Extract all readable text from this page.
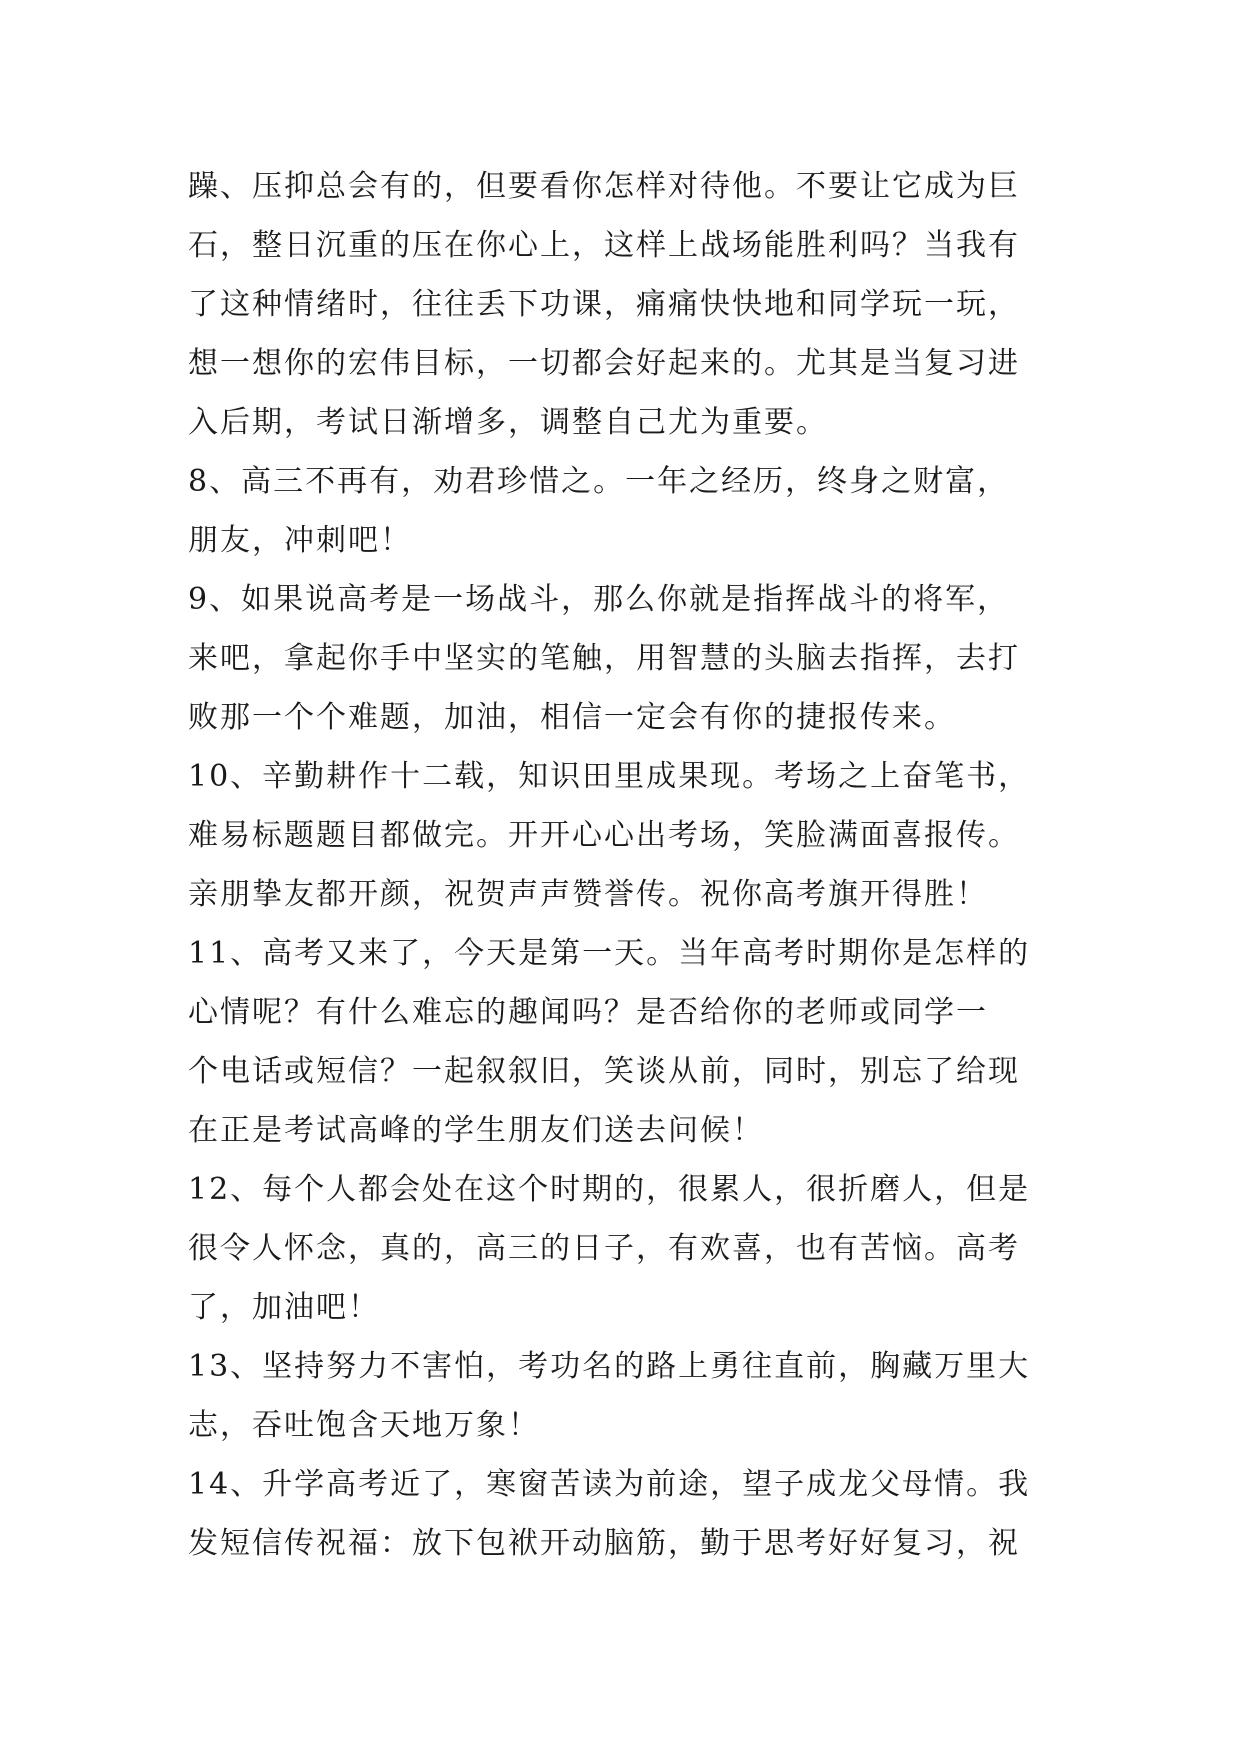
躁、压抑总会有的，但要看你怎样对待他。不要让它成为巨
石，整日沉重的压在你心上，这样上战场能胜利吗？当我有
了这种情绪时，往往丢下功课，痛痛快快地和同学玩一玩，
想一想你的宏伟目标，一切都会好起来的。尤其是当复习进
入后期，考试日渐增多，调整自己尤为重要。
8、高三不再有，劝君珍惜之。一年之经历，终身之财富，
朋友，冲刺吧！
9、如果说高考是一场战斗，那么你就是指挥战斗的将军，
来吧，拿起你手中坚实的笔触，用智慧的头脑去指挥，去打
败那一个个难题，加油，相信一定会有你的捷报传来。
10、辛勤耕作十二载，知识田里成果现。考场之上奋笔书，
难易标题题目都做完。开开心心出考场，笑脸满面喜报传。
亲朋挚友都开颜，祝贺声声赞誉传。祝你高考旗开得胜！
11、高考又来了，今天是第一天。当年高考时期你是怎样的
心情呢？有什么难忘的趣闻吗？是否给你的老师或同学一
个电话或短信？一起叙叙旧，笑谈从前，同时，别忘了给现
在正是考试高峰的学生朋友们送去问候！
12、每个人都会处在这个时期的，很累人，很折磨人，但是
很令人怀念，真的，高三的日子，有欢喜，也有苦恼。高考
了，加油吧！
13、坚持努力不害怕，考功名的路上勇往直前，胸藏万里大
志，吞吐饱含天地万象！
14、升学高考近了，寒窗苦读为前途，望子成龙父母情。我
发短信传祝福：放下包袱开动脑筋，勤于思考好好复习，祝
